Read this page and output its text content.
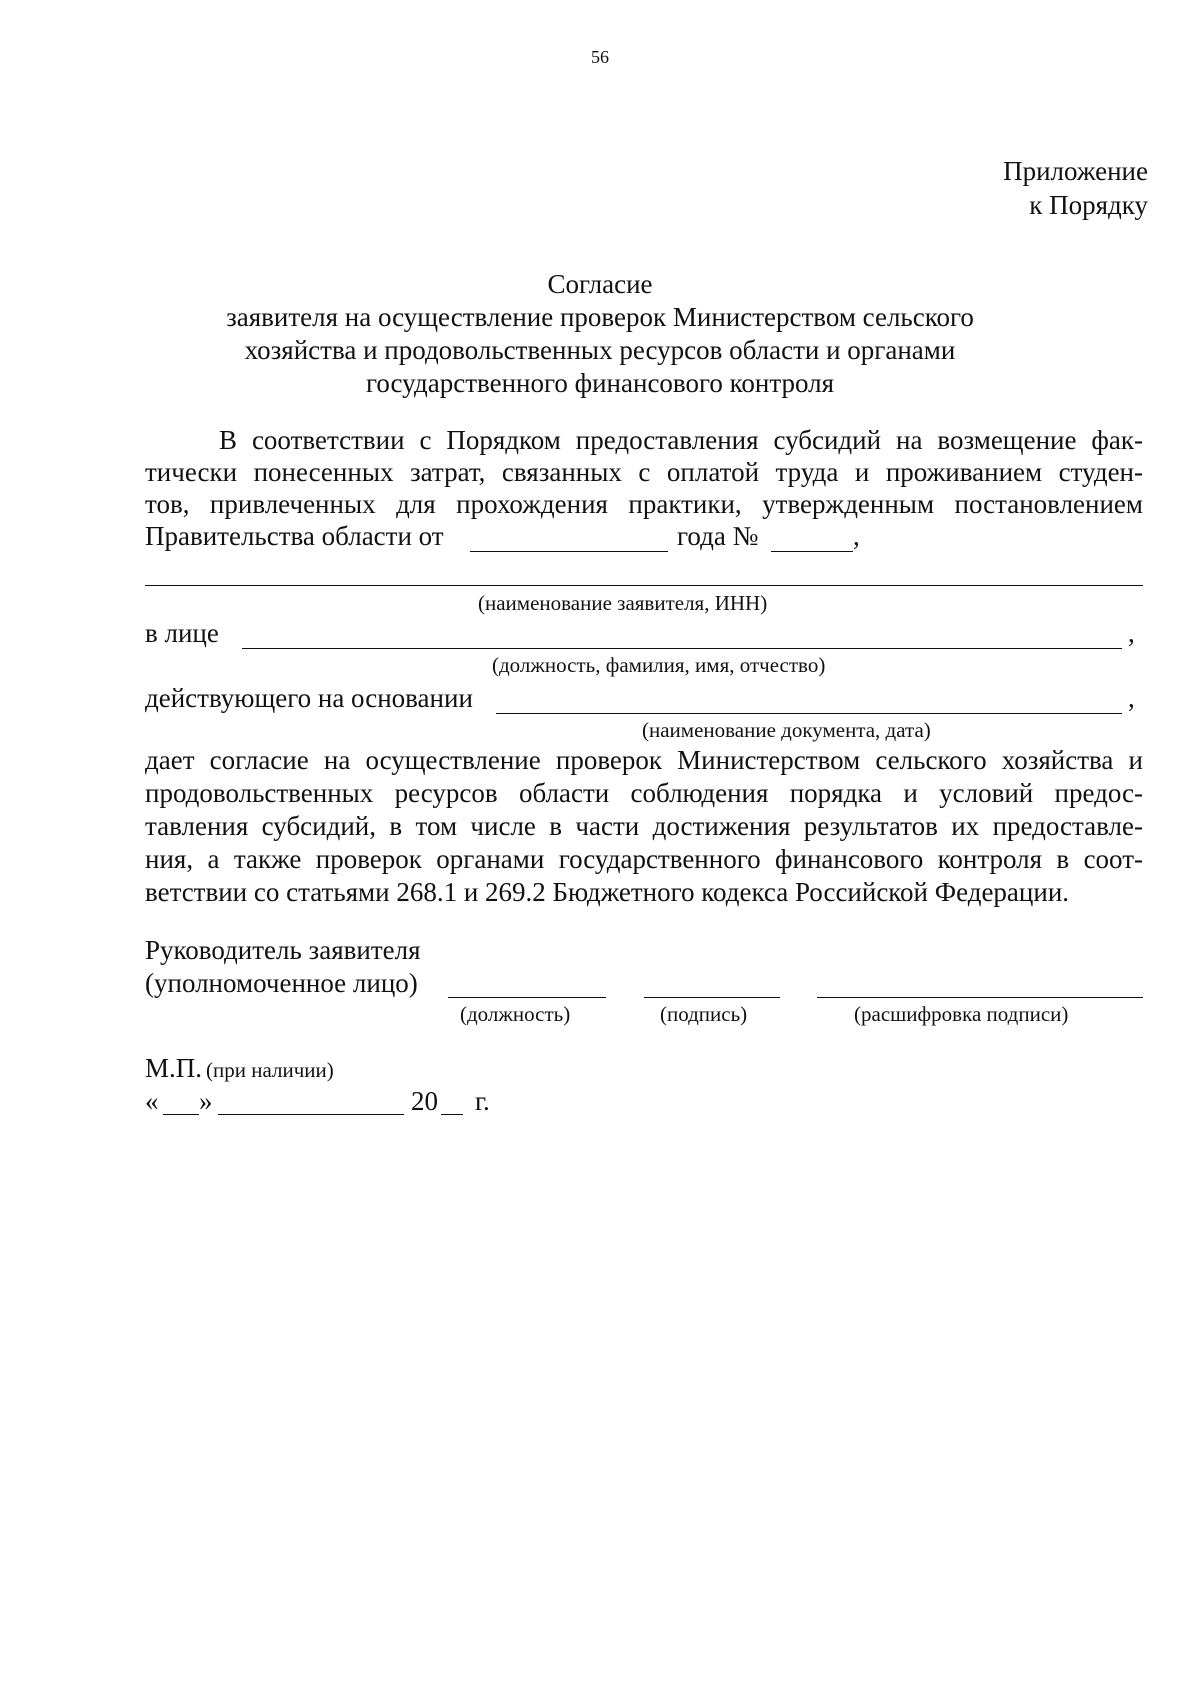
56
Приложение
к Порядку
Согласие
заявителя на осуществление проверок Министерством сельского
хозяйства и продовольственных ресурсов области и органами
государственного финансового контроля
В соответствии с Порядком предоставления субсидий на возмещение фак-
тически понесенных затрат, связанных с оплатой труда и проживанием студен-
тов, привлеченных для прохождения практики, утвержденным постановлением
Правительства области от	года №	,
(наименование заявителя, ИНН)
в лице	,
(должность, фамилия, имя, отчество)
действующего на основании	,
(наименование документа, дата)
дает согласие на осуществление проверок Министерством сельского хозяйства и
продовольственных ресурсов области соблюдения порядка и условий предос-
тавления субсидий, в том числе в части достижения результатов их предоставле-
ния, а также проверок органами государственного финансового контроля в соот-
ветствии со статьями 268.1 и 269.2 Бюджетного кодекса Российской Федерации.
Руководитель заявителя
(уполномоченное лицо)
(должность)	(подпись)	(расшифровка подписи)
М.П. (при наличии)
« »	20 г.
